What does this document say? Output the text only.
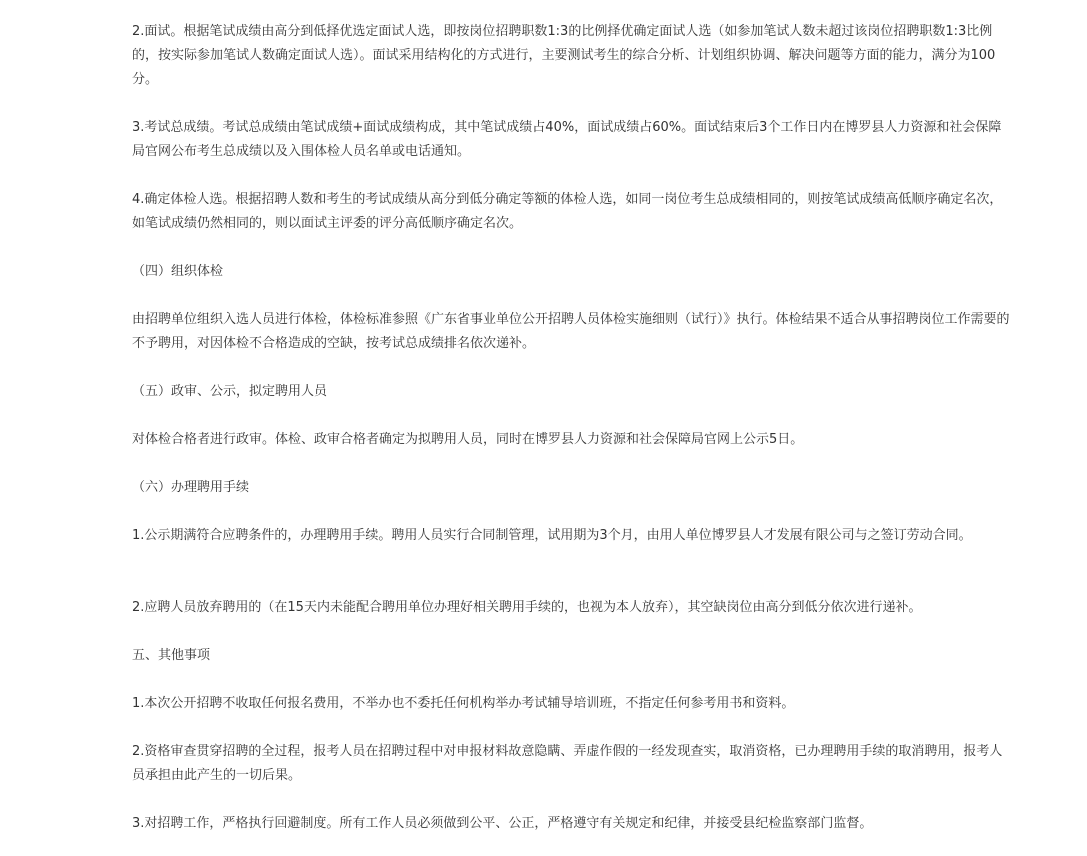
2.面试。根据笔试成绩由高分到低择优选定面试人选，即按岗位招聘职数1:3的比例择优确定面试人选（如参加笔试人数未超过该岗位招聘职数1:3比例的，按实际参加笔试人数确定面试人选）。面试采用结构化的方式进行，主要测试考生的综合分析、计划组织协调、解决问题等方面的能力，满分为100分。

3.考试总成绩。考试总成绩由笔试成绩+面试成绩构成，其中笔试成绩占40%，面试成绩占60%。面试结束后3个工作日内在博罗县人力资源和社会保障局官网公布考生总成绩以及入围体检人员名单或电话通知。

4.确定体检人选。根据招聘人数和考生的考试成绩从高分到低分确定等额的体检人选，如同一岗位考生总成绩相同的，则按笔试成绩高低顺序确定名次，如笔试成绩仍然相同的，则以面试主评委的评分高低顺序确定名次。

（四）组织体检

由招聘单位组织入选人员进行体检，体检标准参照《广东省事业单位公开招聘人员体检实施细则（试行）》执行。体检结果不适合从事招聘岗位工作需要的不予聘用，对因体检不合格造成的空缺，按考试总成绩排名依次递补。

（五）政审、公示，拟定聘用人员

对体检合格者进行政审。体检、政审合格者确定为拟聘用人员，同时在博罗县人力资源和社会保障局官网上公示5日。

（六）办理聘用手续

1.公示期满符合应聘条件的，办理聘用手续。聘用人员实行合同制管理，试用期为3个月，由用人单位博罗县人才发展有限公司与之签订劳动合同。

2.应聘人员放弃聘用的（在15天内未能配合聘用单位办理好相关聘用手续的，也视为本人放弃），其空缺岗位由高分到低分依次进行递补。

五、其他事项

1.本次公开招聘不收取任何报名费用，不举办也不委托任何机构举办考试辅导培训班，不指定任何参考用书和资料。

2.资格审查贯穿招聘的全过程，报考人员在招聘过程中对申报材料故意隐瞒、弄虚作假的一经发现查实，取消资格，已办理聘用手续的取消聘用，报考人员承担由此产生的一切后果。

3.对招聘工作，严格执行回避制度。所有工作人员必须做到公平、公正，严格遵守有关规定和纪律，并接受县纪检监察部门监督。
